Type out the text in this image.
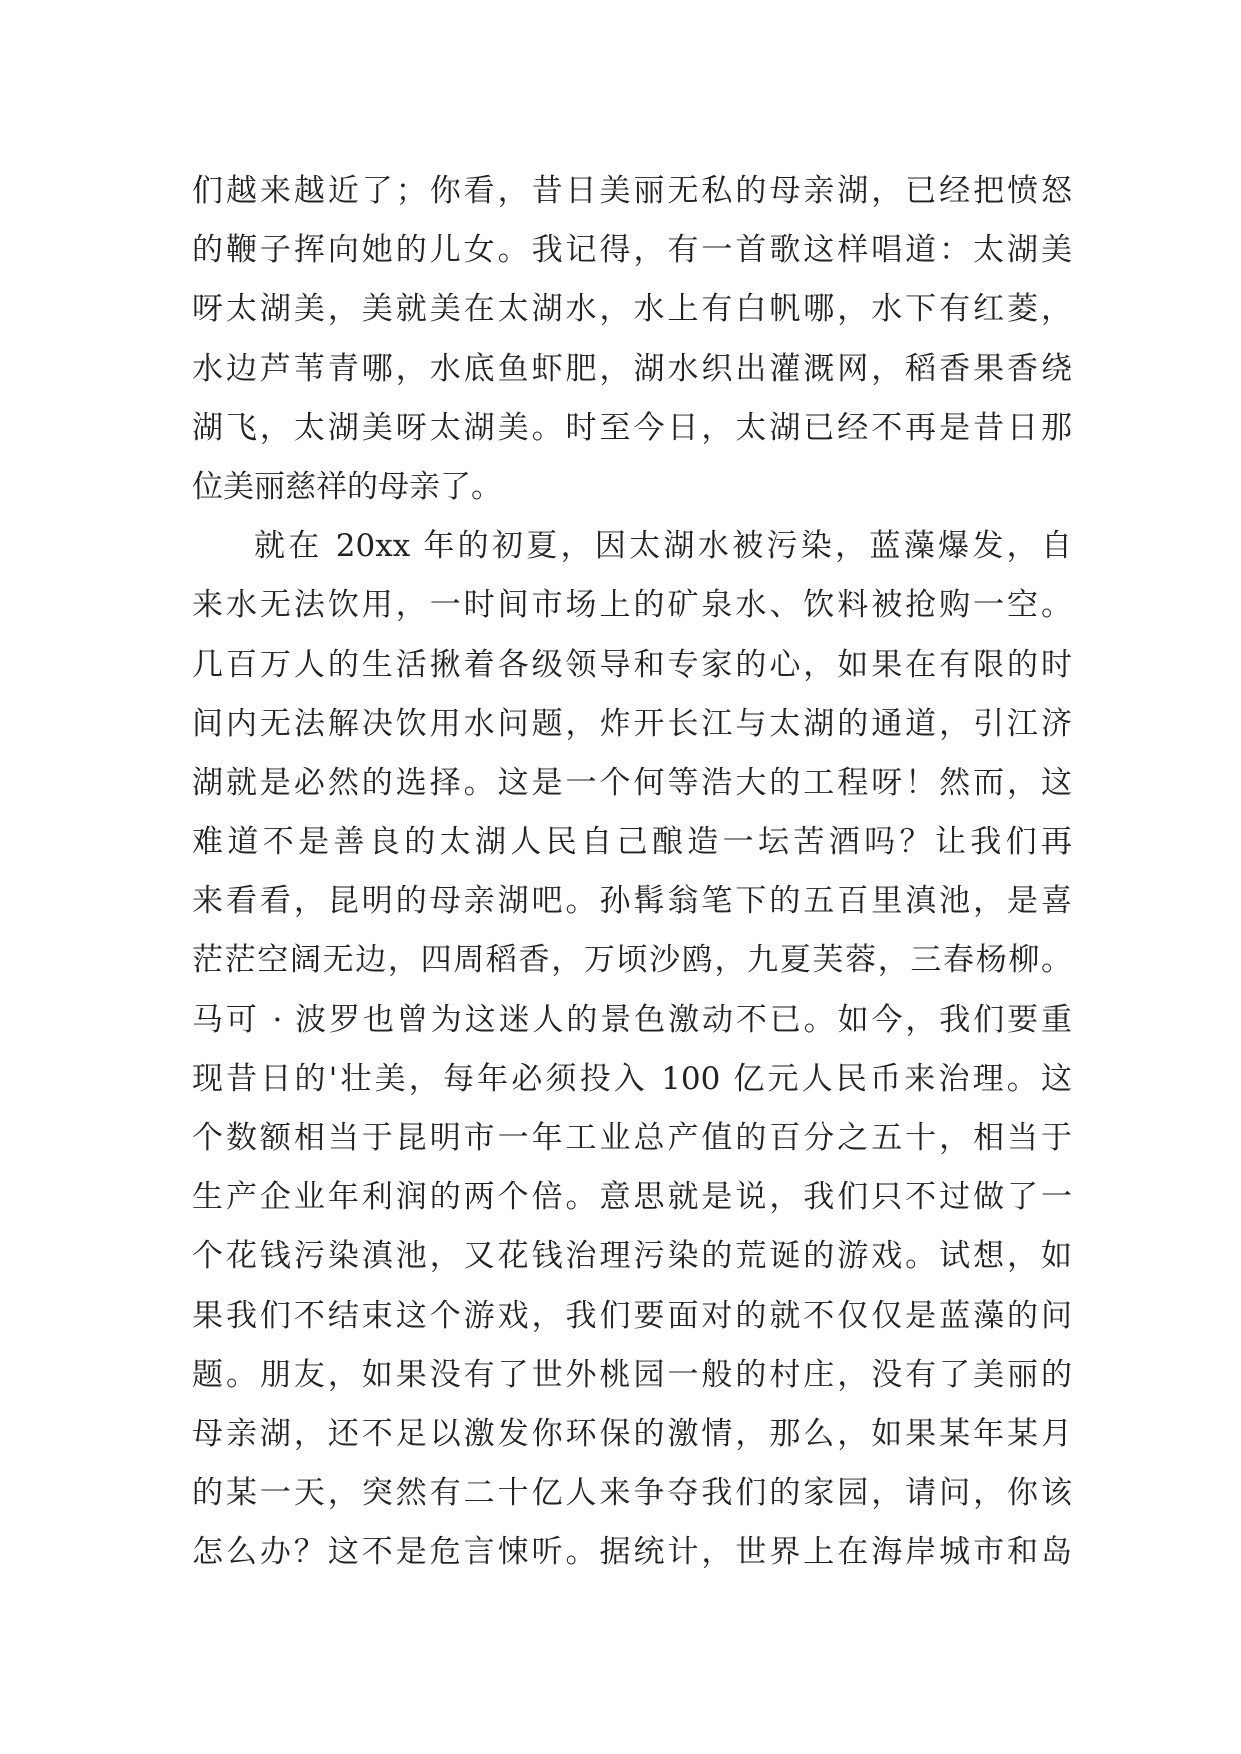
们越来越近了；你看，昔日美丽无私的母亲湖，已经把愤怒
的鞭子挥向她的儿女。我记得，有一首歌这样唱道：太湖美
呀太湖美，美就美在太湖水，水上有白帆哪，水下有红菱，
水边芦苇青哪，水底鱼虾肥，湖水织出灌溉网，稻香果香绕
湖飞，太湖美呀太湖美。时至今日，太湖已经不再是昔日那
位美丽慈祥的母亲了。
就在 20xx 年的初夏，因太湖水被污染，蓝藻爆发，自
来水无法饮用，一时间市场上的矿泉水、饮料被抢购一空。
几百万人的生活揪着各级领导和专家的心，如果在有限的时
间内无法解决饮用水问题，炸开长江与太湖的通道，引江济
湖就是必然的选择。这是一个何等浩大的工程呀！然而，这
难道不是善良的太湖人民自己酿造一坛苦酒吗？让我们再
来看看，昆明的母亲湖吧。孙髯翁笔下的五百里滇池，是喜
茫茫空阔无边，四周稻香，万顷沙鸥，九夏芙蓉，三春杨柳。
马可 · 波罗也曾为这迷人的景色激动不已。如今，我们要重
现昔日的'壮美，每年必须投入 100 亿元人民币来治理。这
个数额相当于昆明市一年工业总产值的百分之五十，相当于
生产企业年利润的两个倍。意思就是说，我们只不过做了一
个花钱污染滇池，又花钱治理污染的荒诞的游戏。试想，如
果我们不结束这个游戏，我们要面对的就不仅仅是蓝藻的问
题。朋友，如果没有了世外桃园一般的村庄，没有了美丽的
母亲湖，还不足以激发你环保的激情，那么，如果某年某月
的某一天，突然有二十亿人来争夺我们的家园，请问，你该
怎么办？这不是危言悚听。据统计，世界上在海岸城市和岛
